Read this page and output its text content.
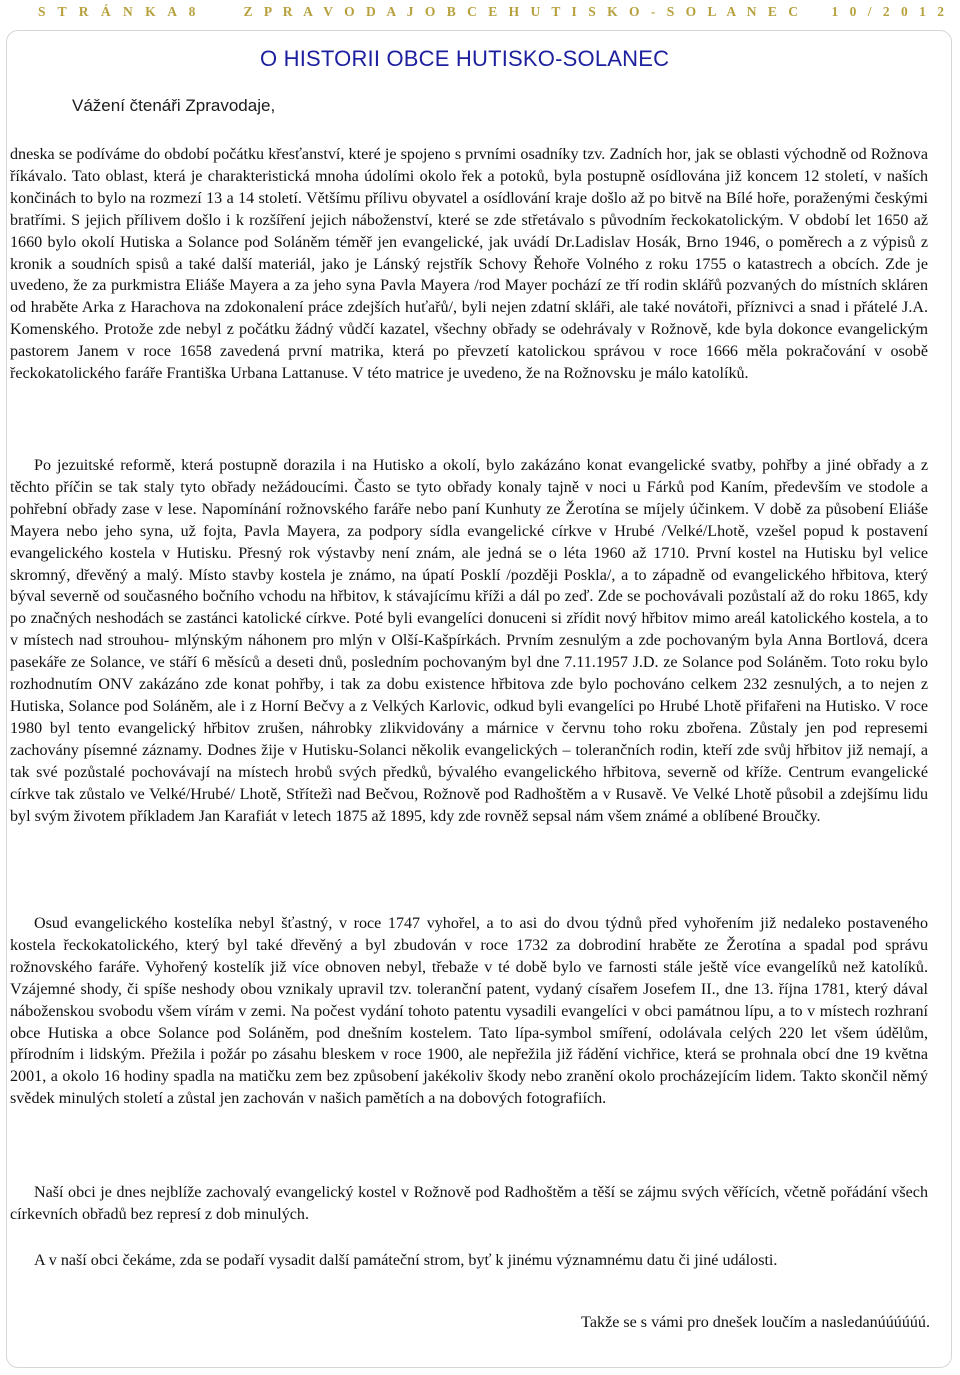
S T R Á N K A 8	Z P R A V O D A J O B C E H U T I S K O - S O L A N E C 1 0 / 2 0 1 2
O HISTORII OBCE HUTISKO-SOLANEC
Vážení čtenáři Zpravodaje,
dneska se podíváme do období počátku křesťanství, které je spojeno s prvními osadníky tzv. Zadních hor, jak se oblasti východně od Rožnova říkávalo. Tato oblast, která je charakteristická mnoha údolími okolo řek a potoků, byla postupně osídlována již koncem 12 století, v naších končinách to bylo na rozmezí 13 a 14 století. Většímu přílivu obyvatel a osídlování kraje došlo až po bitvě na Bílé hoře, poraženými českými bratřími. S jejich přílivem došlo i k rozšíření jejich náboženství, které se zde střetávalo s původním řeckokatolickým. V období let 1650 až 1660 bylo okolí Hutiska a Solance pod Soláněm téměř jen evangelické, jak uvádí Dr.Ladislav Hosák, Brno 1946, o poměrech a z výpisů z kronik a soudních spisů a také další materiál, jako je Lánský rejstřík Schovy Řehoře Volného z roku 1755 o katastrech a obcích. Zde je uvedeno, že za purkmistra Eliáše Mayera a za jeho syna Pavla Mayera /rod Mayer pochází ze tří rodin sklářů pozvaných do místních skláren od hraběte Arka z Harachova na zdokonalení práce zdejších huťařů/, byli nejen zdatní skláři, ale také novátoři, příznivci a snad i přátelé J.A. Komenského. Protože zde nebyl z počátku žádný vůdčí kazatel, všechny obřady se odehrávaly v Rožnově, kde byla dokonce evangelickým pastorem Janem v roce 1658 zavedená první matrika, která po převzetí katolickou správou v roce 1666 měla pokračování v osobě řeckokatolického faráře Františka Urbana Lattanuse. V této matrice je uvedeno, že na Rožnovsku je málo katolíků.
Po jezuitské reformě, která postupně dorazila i na Hutisko a okolí, bylo zakázáno konat evangelické svatby, pohřby a jiné obřady a z těchto příčin se tak staly tyto obřady nežádoucími. Často se tyto obřady konaly tajně v noci u Fárků pod Kaním, především ve stodole a pohřební obřady zase v lese. Napomínání rožnovského faráře nebo paní Kunhuty ze Žerotína se míjely účinkem. V době za působení Eliáše Mayera nebo jeho syna, už fojta, Pavla Mayera, za podpory sídla evangelické církve v Hrubé /Velké/Lhotě, vzešel popud k postavení evangelického kostela v Hutisku. Přesný rok výstavby není znám, ale jedná se o léta 1960 až 1710. První kostel na Hutisku byl velice skromný, dřevěný a malý. Místo stavby kostela je známo, na úpatí Posklí /později Poskla/, a to západně od evangelického hřbitova, který býval severně od současného bočního vchodu na hřbitov, k stávajícímu kříži a dál po zeď. Zde se pochovávali pozůstalí až do roku 1865, kdy po značných neshodách se zastánci katolické církve. Poté byli evangelíci donuceni si zřídit nový hřbitov mimo areál katolického kostela, a to v místech nad strouhou- mlýnským náhonem pro mlýn v Olší-Kašpírkách. Prvním zesnulým a zde pochovaným byla Anna Bortlová, dcera pasekáře ze Solance, ve stáří 6 měsíců a deseti dnů, posledním pochovaným byl dne 7.11.1957 J.D. ze Solance pod Soláněm. Toto roku bylo rozhodnutím ONV zakázáno zde konat pohřby, i tak za dobu existence hřbitova zde bylo pochováno celkem 232 zesnulých, a to nejen z Hutiska, Solance pod Soláněm, ale i z Horní Bečvy a z Velkých Karlovic, odkud byli evangelíci po Hrubé Lhotě přifařeni na Hutisko. V roce 1980 byl tento evangelický hřbitov zrušen, náhrobky zlikvidovány a márnice v červnu toho roku zbořena. Zůstaly jen pod represemi zachovány písemné záznamy. Dodnes žije v Hutisku-Solanci několik evangelických – tolerančních rodin, kteří zde svůj hřbitov již nemají, a tak své pozůstalé pochovávají na místech hrobů svých předků, bývalého evangelického hřbitova, severně od kříže. Centrum evangelické církve tak zůstalo ve Velké/Hrubé/ Lhotě, Střítežì nad Bečvou, Rožnově pod Radhoštěm a v Rusavě. Ve Velké Lhotě působil a zdejšímu lidu byl svým životem příkladem Jan Karafiát v letech 1875 až 1895, kdy zde rovněž sepsal nám všem známé a oblíbené Broučky.
Osud evangelického kostelíka nebyl šťastný, v roce 1747 vyhořel, a to asi do dvou týdnů před vyhořením již nedaleko postaveného kostela řeckokatolického, který byl také dřevěný a byl zbudován v roce 1732 za dobrodiní hraběte ze Žerotína a spadal pod správu rožnovského faráře. Vyhořený kostelík již více obnoven nebyl, třebaže v té době bylo ve farnosti stále ještě více evangelíků než katolíků. Vzájemné shody, či spíše neshody obou vznikaly upravil tzv. toleranční patent, vydaný císařem Josefem II., dne 13. října 1781, který dával náboženskou svobodu všem vírám v zemi. Na počest vydání tohoto patentu vysadili evangelíci v obci památnou lípu, a to v místech rozhraní obce Hutiska a obce Solance pod Soláněm, pod dnešním kostelem. Tato lípa-symbol smíření, odolávala celých 220 let všem údělům, přírodním i lidským. Přežila i požár po zásahu bleskem v roce 1900, ale nepřežila již řádění vichřice, která se prohnala obcí dne 19 května 2001, a okolo 16 hodiny spadla na matičku zem bez způsobení jakékoliv škody nebo zranění okolo procházejícím lidem. Takto skončil němý svědek minulých století a zůstal jen zachován v našich pamětích a na dobových fotografiích.
Naší obci je dnes nejblíže zachovalý evangelický kostel v Rožnově pod Radhoštěm a těší se zájmu svých věřících, včetně pořádání všech církevních obřadů bez represí z dob minulých.
A v naší obci čekáme, zda se podaří vysadit další památeční strom, byť k jinému významnému datu či jiné události.
Takže se s vámi pro dnešek loučím a nasledanúúúúúú.
